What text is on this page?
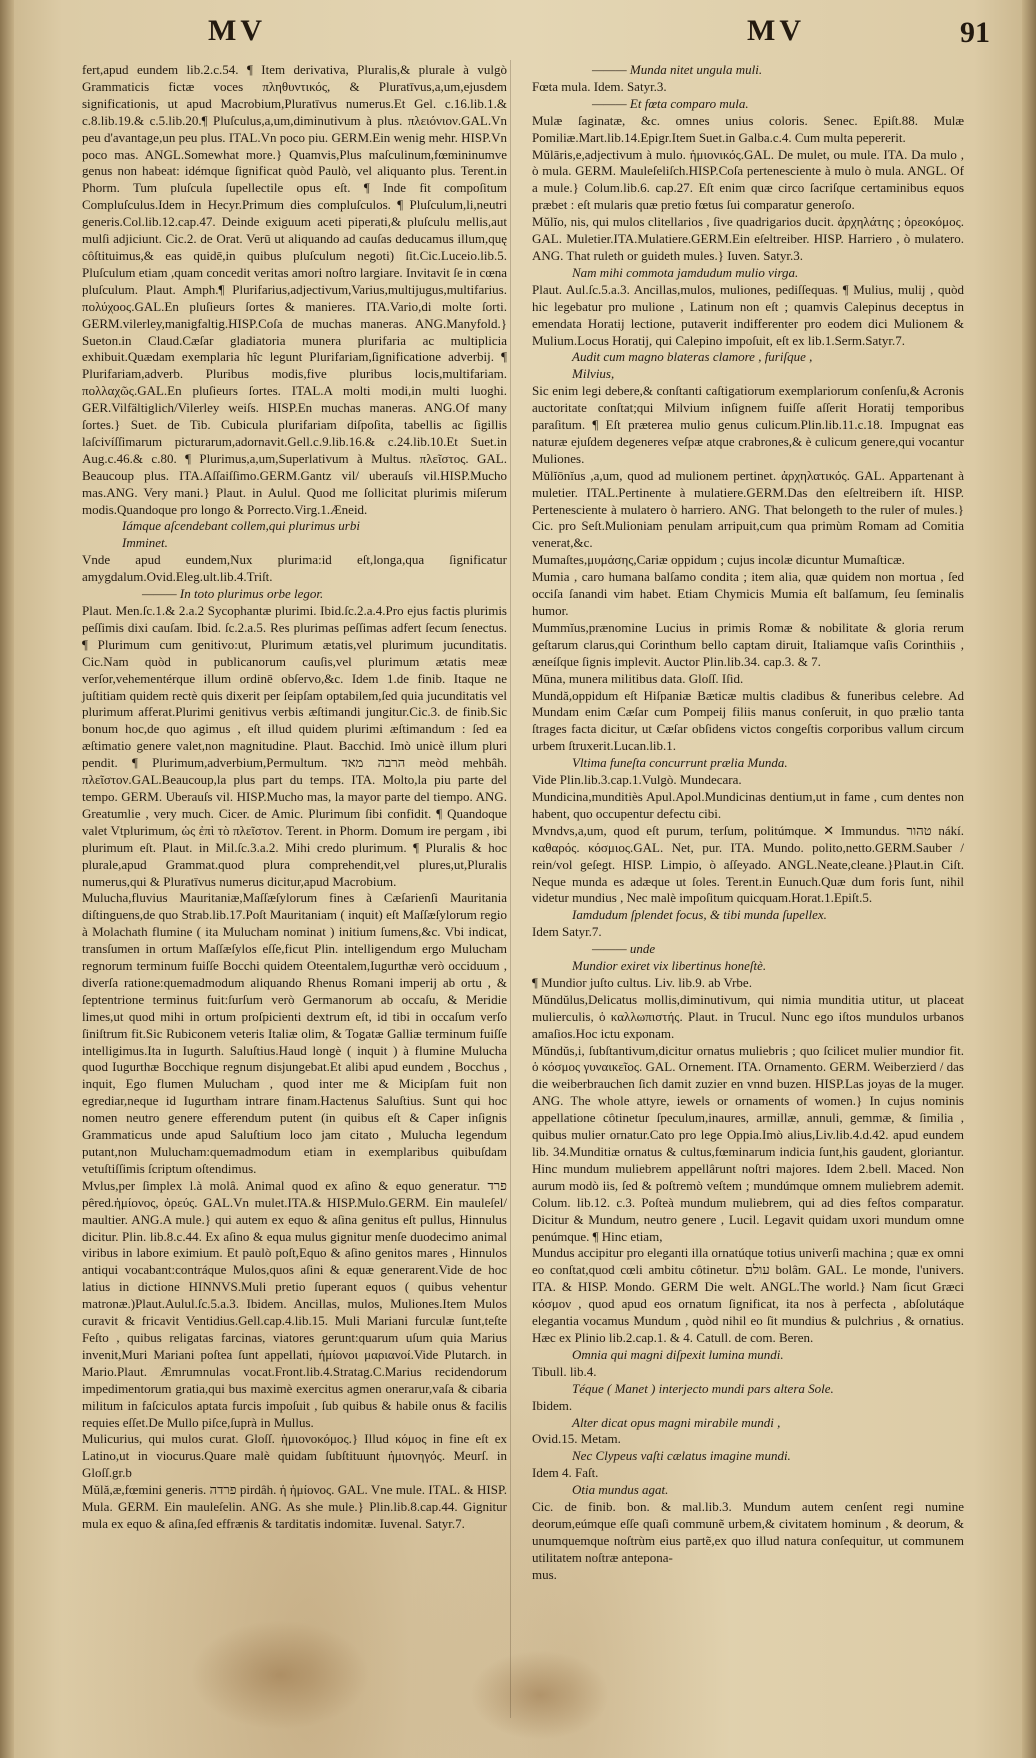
MV	MV	91

fert,apud eundem lib.2.c.54. ¶ Item derivativa, Pluralis,& plurale à vulgò Grammaticis fictæ voces πληθυντικός, & Pluratīvus,a,um,ejusdem significationis, ut apud Macrobium,Pluratīvus numerus.Et Gel. c.16.lib.1.& c.8.lib.19.& c.5.lib.20.¶ Pluſculus,a,um,diminutivum à plus. πλειόνιον.GAL.Vn peu d'avantage,un peu plus. ITAL.Vn poco piu. GERM.Ein wenig mehr. HISP.Vn poco mas. ANGL.Somewhat more.} Quamvis,Plus maſculinum,fœmininumve genus non habeat: idémque ſignificat quòd Paulò, vel aliquanto plus. Terent.in Phorm. Tum pluſcula ſupellectile opus eſt. ¶ Inde fit compoſitum Compluſculus.Idem in Hecyr.Primum dies compluſculos. ¶ Pluſculum,li,neutri generis.Col.lib.12.cap.47. Deinde exiguum aceti piperati,& pluſculu mellis,aut mulſi adjiciunt. Cic.2. de Orat. Verū ut aliquando ad cauſas deducamus illum,quę côſtituimus,& eas quidē,in quibus pluſculum negoti) ſit.Cic.Luceio.lib.5. Pluſculum etiam ,quam concedit veritas amori noſtro largiare. Invitavit ſe in cœna pluſculum. Plaut. Amph.¶ Plurifarius,adjectivum,Varius,multijugus,multifarius. πολύχοος.GAL.En pluſieurs ſortes & manieres. ITA.Vario,di molte ſorti. GERM.vilerley,manigfaltig.HISP.Coſa de muchas maneras. ANG.Manyfold.} Sueton.in Claud.Cæſar gladiatoria munera plurifaria ac multiplicia exhibuit.Quædam exemplaria hîc legunt Plurifariam,ſignificatione adverbij. ¶ Plurifariam,adverb. Pluribus modis,five pluribus locis,multifariam. πολλαχῶς.GAL.En pluſieurs ſortes. ITAL.A molti modi,in multi luoghi. GER.Vilfältiglich/Vilerley weiſs. HISP.En muchas maneras. ANG.Of many ſortes.} Suet. de Tib. Cubicula plurifariam diſpoſita, tabellis ac ſigillis laſcivíſſimarum picturarum,adornavit.Gell.c.9.lib.16.& c.24.lib.10.Et Suet.in Aug.c.46.& c.80. ¶ Plurimus,a,um,Superlativum à Multus. πλεῖστος. GAL. Beaucoup plus. ITA.Aſſaiſſimo.GERM.Gantz vil/ uberauſs vil.HISP.Mucho mas.ANG. Very mani.} Plaut. in Aulul. Quod me ſollicitat plurimis miſerum modis.Quandoque pro longo & Porrecto.Virg.1.Æneid.

Iámque aſcendebant collem,qui plurimus urbi

Imminet.

Vnde apud eundem,Nux plurima:id eſt,longa,qua ſignificatur amygdalum.Ovid.Eleg.ult.lib.4.Triſt.

——— In toto plurimus orbe legor.

Plaut. Men.ſc.1.& 2.a.2 Sycophantæ plurimi. Ibid.ſc.2.a.4.Pro ejus factis plurimis peſſimis dixi cauſam. Ibid. ſc.2.a.5. Res plurimas peſſimas adfert ſecum ſenectus. ¶ Plurimum cum genitivo:ut, Plurimum ætatis,vel plurimum jucunditatis. Cic.Nam quòd in publicanorum cauſis,vel plurimum ætatis meæ verſor,vehementérque illum ordinē obſervo,&c. Idem 1.de finib. Itaque ne juſtitiam quidem rectè quis dixerit per ſeipſam optabilem,ſed quia jucunditatis vel plurimum afferat.Plurimi genitivus verbis æſtimandi jungitur.Cic.3. de finib.Sic bonum hoc,de quo agimus , eſt illud quidem plurimi æſtimandum : ſed ea æſtimatio genere valet,non magnitudine. Plaut. Bacchid. Imò unicè illum pluri pendit. ¶ Plurimum,adverbium,Permultum. הרבה מאד meòd mehbâh. πλεῖστον.GAL.Beaucoup,la plus part du temps. ITA. Molto,la piu parte del tempo. GERM. Uberauſs vil. HISP.Mucho mas, la mayor parte del tiempo. ANG. Greatumlie , very much. Cicer. de Amic. Plurimum ſibi confidit. ¶ Quandoque valet Vtplurimum, ὡς ἐπὶ τὸ πλεῖστον. Terent. in Phorm. Domum ire pergam , ibi plurimum eſt. Plaut. in Mil.ſc.3.a.2. Mihi credo plurimum. ¶ Pluralis & hoc plurale,apud Grammat.quod plura comprehendit,vel plures,ut,Pluralis numerus,qui & Pluratīvus numerus dicitur,apud Macrobium.

Mulucha,fluvius Mauritaniæ,Maſſæſylorum fines à Cæſarienſi Mauritania diſtinguens,de quo Strab.lib.17.Poſt Mauritaniam ( inquit) eſt Maſſæſylorum regio à Molachath flumine ( ita Mulucham nominat ) initium ſumens,&c. Vbi indicat, transſumen in ortum Maſſæſylos eſſe,ficut Plin. intelligendum ergo Mulucham regnorum terminum fuiſſe Bocchi quidem Oteentalem,Iugurthæ verò occiduum , diverſa ratione:quemadmodum aliquando Rhenus Romani imperij ab ortu , & ſeptentrione terminus fuit:ſurſum verò Germanorum ab occaſu, & Meridie limes,ut quod mihi in ortum proſpicienti dextrum eſt, id tibi in occaſum verſo ſiniſtrum fit.Sic Rubiconem veteris Italiæ olim, & Togatæ Galliæ terminum fuiſſe intelligimus.Ita in Iugurth. Saluſtius.Haud longè ( inquit ) à flumine Mulucha quod Iugurthæ Bocchique regnum disjungebat.Et alibi apud eundem , Bocchus , inquit, Ego flumen Mulucham , quod inter me & Micipſam fuit non egrediar,neque id Iugurtham intrare finam.Hactenus Saluſtius. Sunt qui hoc nomen neutro genere efferendum putent (in quibus eſt & Caper inſignis Grammaticus unde apud Saluſtium loco jam citato , Mulucha legendum putant,non Mulucham:quemadmodum etiam in exemplaribus quibuſdam vetuſtiſſimis ſcriptum oſtendimus.

Mvlus,per ſimplex l.à molâ. Animal quod ex aſino & equo generatur. פרד pêred.ἡμίονος, ὀρεύς. GAL.Vn mulet.ITA.& HISP.Mulo.GERM. Ein mauleſel/ maultier. ANG.A mule.} qui autem ex equo & aſina genitus eſt pullus, Hinnulus dicitur. Plin. lib.8.c.44. Ex aſino & equa mulus gignitur menſe duodecimo animal viribus in labore eximium. Et paulò poſt,Equo & aſino genitos mares , Hinnulos antiqui vocabant:contráque Mulos,quos aſini & equæ generarent.Vide de hoc latius in dictione HINNVS.Muli pretio ſuperant equos ( quibus vehentur matronæ.)Plaut.Aulul.ſc.5.a.3. Ibidem. Ancillas, mulos, Muliones.Item Mulos curavit & fricavit Ventidius.Gell.cap.4.lib.15. Muli Mariani furculæ ſunt,teſte Feſto , quibus religatas farcinas, viatores gerunt:quarum uſum quia Marius invenit,Muri Mariani poſtea ſunt appellati, ἡμίονοι μαριανοί.Vide Plutarch. in Mario.Plaut. Æmrumnulas vocat.Front.lib.4.Stratag.C.Marius recidendorum impedimentorum gratia,qui bus maximè exercitus agmen onerarur,vaſa & cibaria militum in faſciculos aptata furcis impoſuit , ſub quibus & habile onus & facilis requies eſſet.De Mullo piſce,ſuprà in Mullus.

Mulicurius, qui mulos curat. Gloſſ. ἡμιονοκόμος.} Illud κόμος in fine eſt ex Latino,ut in viocurus.Quare malè quidam ſubſtituunt ἡμιονηγός. Meurſ. in Gloſſ.gr.b

Mŭlă,æ,fœmini generis. פרדה pirdâh. ἡ ἡμίονος. GAL. Vne mule. ITAL. & HISP. Mula. GERM. Ein mauleſelin. ANG. As she mule.} Plin.lib.8.cap.44. Gignitur mula ex equo & aſina,ſed effrænis & tarditatis indomitæ. Iuvenal. Satyr.7.

——— Munda nitet ungula muli.

Fœta mula. Idem. Satyr.3.

——— Et fœta comparo mula.

Mulæ ſaginatæ, &c. omnes unius coloris. Senec. Epiſt.88. Mulæ Pomiliæ.Mart.lib.14.Epigr.Item Suet.in Galba.c.4. Cum multa pepererit.

Mŭlāris,e,adjectivum à mulo. ἡμιονικός.GAL. De mulet, ou mule. ITA. Da mulo , ò mula. GERM. Mauleſeliſch.HISP.Coſa pertenesciente à mulo ò mula. ANGL. Of a mule.} Colum.lib.6. cap.27. Eſt enim quæ circo ſacriſque certaminibus equos præbet : eſt mularis quæ pretio fœtus ſui comparatur generoſo.

Mŭlĭo, nis, qui mulos clitellarios , ſive quadrigarios ducit. ἀρχηλάτης ; ὀρεοκόμος. GAL. Muletier.ITA.Mulatiere.GERM.Ein eſeltreiber. HISP. Harriero , ò mulatero. ANG. That ruleth or guideth mules.} Iuven. Satyr.3.

Nam mihi commota jamdudum mulio virga.

Plaut. Aul.ſc.5.a.3. Ancillas,mulos, muliones, pediſſequas. ¶ Mulius, mulij , quòd hic legebatur pro mulione , Latinum non eſt ; quamvis Calepinus deceptus in emendata Horatij lectione, putaverit indifferenter pro eodem dici Mulionem & Mulium.Locus Horatij, qui Calepino impoſuit, eſt ex lib.1.Serm.Satyr.7.

Audit cum magno blateras clamore , furiſque ,

Milvius,

Sic enim legi debere,& conſtanti caſtigatiorum exemplariorum conſenſu,& Acronis auctoritate conſtat;qui Milvium inſignem fuiſſe aſſerit Horatij temporibus paraſitum. ¶ Eſt præterea mulio genus culicum.Plin.lib.11.c.18. Impugnat eas naturæ ejuſdem degeneres veſpæ atque crabrones,& è culicum genere,qui vocantur Muliones.

Mŭlĭōnĭus ,a,um, quod ad mulionem pertinet. ἀρχηλατικός. GAL. Appartenant à muletier. ITAL.Pertinente à mulatiere.GERM.Das den eſeltreibern iſt. HISP. Pertenesciente à mulatero ò harriero. ANG. That belongeth to the ruler of mules.} Cic. pro Seſt.Mulioniam penulam arripuit,cum qua primùm Romam ad Comitia venerat,&c.

Mumaſtes,μυμάσης,Cariæ oppidum ; cujus incolæ dicuntur Mumaſticæ.

Mumia , caro humana balſamo condita ; item alia, quæ quidem non mortua , ſed occiſa ſanandi vim habet. Etiam Chymicis Mumia eſt balſamum, ſeu ſeminalis humor.

Mummĭus,prænomine Lucius in primis Romæ & nobilitate & gloria rerum geſtarum clarus,qui Corinthum bello captam diruit, Italiamque vaſis Corinthiis , æneíſque ſignis implevit. Auctor Plin.lib.34. cap.3. & 7.

Mūna, munera militibus data. Gloſſ. Iſid.

Mundă,oppidum eſt Hiſpaniæ Bæticæ multis cladibus & funeribus celebre. Ad Mundam enim Cæſar cum Pompeij filiis manus conſeruit, in quo prælio tanta ſtrages facta dicitur, ut Cæſar obſidens victos congeſtis corporibus vallum circum urbem ſtruxerit.Lucan.lib.1.

Vltima funeſta concurrunt prælia Munda.

Vide Plin.lib.3.cap.1.Vulgò. Mundecara.

Mundicina,munditiès Apul.Apol.Mundicinas dentium,ut in fame , cum dentes non habent, quo occupentur defectu cibi.

Mvndvs,a,um, quod eſt purum, terſum, politúmque. ✕ Immundus. טהור nákí. καθαρός. κόσμιος.GAL. Net, pur. ITA. Mundo. polito,netto.GERM.Sauber / rein/vol geſegt. HISP. Limpio, ò aſſeyado. ANGL.Neate,cleane.}Plaut.in Ciſt. Neque munda es adæque ut ſoles. Terent.in Eunuch.Quæ dum foris ſunt, nihil videtur mundius , Nec malè impoſitum quicquam.Horat.1.Epiſt.5.

Iamdudum ſplendet focus, & tibi munda ſupellex.

Idem Satyr.7.

——— unde

Mundior exiret vix libertinus honeſtè.

¶ Mundior juſto cultus. Liv. lib.9. ab Vrbe.

Mŭndŭlus,Delicatus mollis,diminutivum, qui nimia munditia utitur, ut placeat mulierculis, ὁ καλλωπιστής. Plaut. in Trucul. Nunc ego iſtos mundulos urbanos amaſios.Hoc ictu exponam.

Mŭndŭs,i, ſubſtantivum,dicitur ornatus muliebris ; quo ſcilicet mulier mundior fit. ὁ κόσμος γυναικεῖος. GAL. Ornement. ITA. Ornamento. GERM. Weiberzierd / das die weiberbrauchen ſich damit zuzier en vnnd buzen. HISP.Las joyas de la muger. ANG. The whole attyre, iewels or ornaments of women.} In cujus nominis appellatione côtinetur ſpeculum,inaures, armillæ, annuli, gemmæ, & ſimilia , quibus mulier ornatur.Cato pro lege Oppia.Imò alius,Liv.lib.4.d.42. apud eundem lib. 34.Munditiæ ornatus & cultus,fœminarum indicia ſunt,his gaudent, gloriantur. Hinc mundum muliebrem appellârunt noſtri majores. Idem 2.bell. Maced. Non aurum modò iis, ſed & poſtremò veſtem ; mundúmque omnem muliebrem ademit. Colum. lib.12. c.3. Poſteà mundum muliebrem, qui ad dies feſtos comparatur. Dicitur & Mundum, neutro genere , Lucil. Legavit quidam uxori mundum omne penúmque. ¶ Hinc etiam,

Mundus accipitur pro eleganti illa ornatúque totius univerſi machina ; quæ ex omni eo conſtat,quod cœli ambitu côtinetur. עולם bolâm. GAL. Le monde, l'univers. ITA. & HISP. Mondo. GERM Die welt. ANGL.The world.} Nam ſicut Græci κόσμον , quod apud eos ornatum ſignificat, ita nos à perfecta , abſolutáque elegantia vocamus Mundum , quòd nihil eo ſit mundius & pulchrius , & ornatius. Hæc ex Plinio lib.2.cap.1. & 4. Catull. de com. Beren.

Omnia qui magni diſpexit lumina mundi.

Tibull. lib.4.

Téque ( Manet ) interjecto mundi pars altera Sole.

Ibidem.

Alter dicat opus magni mirabile mundi ,

Ovid.15. Metam.

Nec Clypeus vaſti cælatus imagine mundi.

Idem 4. Faſt.

Otia mundus agat.

Cic. de finib. bon. & mal.lib.3. Mundum autem cenſent regi numine deorum,eúmque eſſe quaſi communẽ urbem,& civitatem hominum , & deorum, & unumquemque noſtrùm eius partẽ,ex quo illud natura conſequitur, ut communem utilitatem noſtræ antepona-

mus.
